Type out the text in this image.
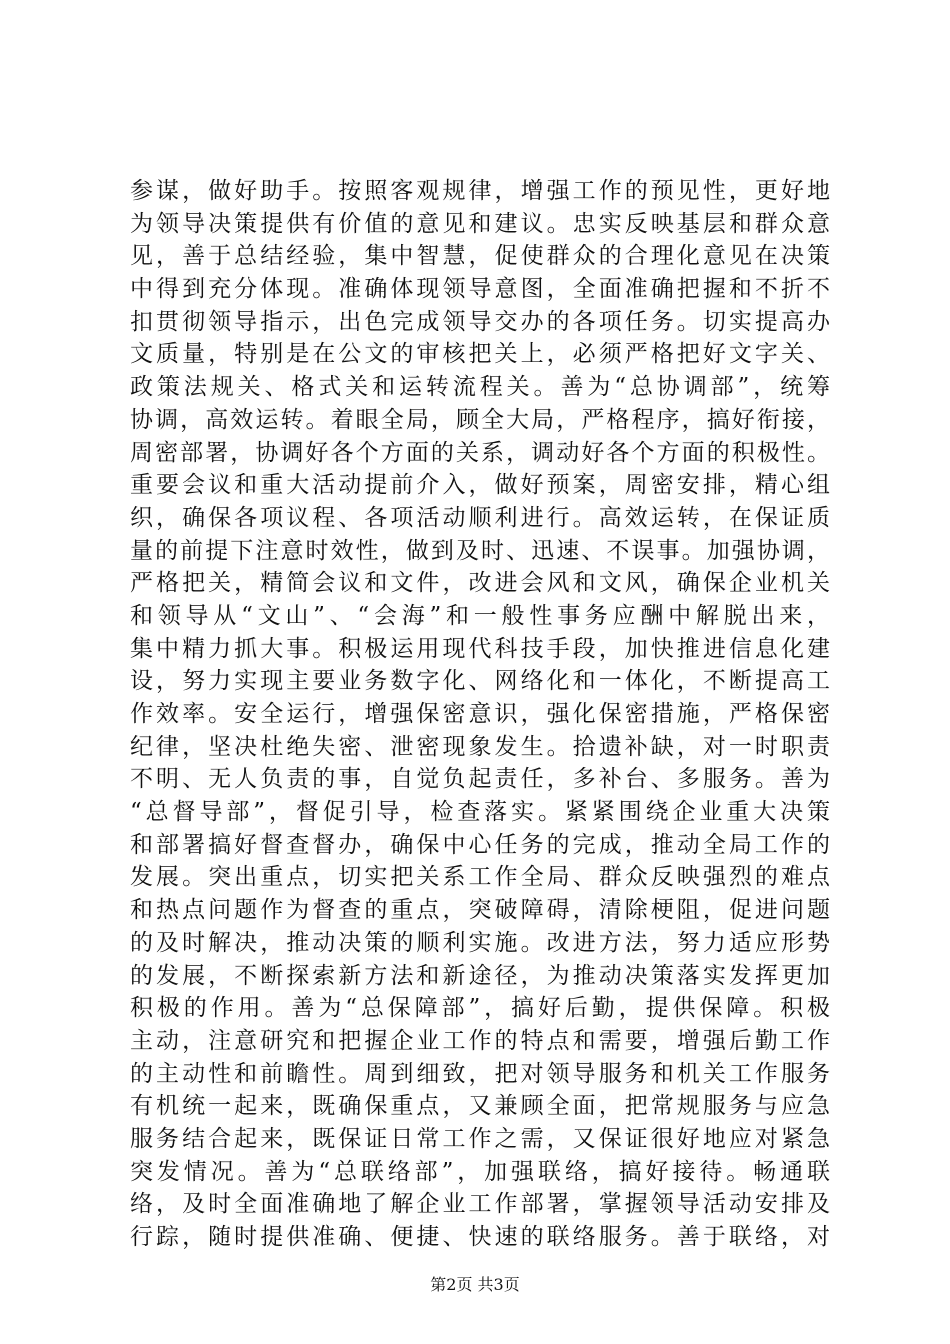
参谋，做好助手。按照客观规律，增强工作的预见性，更好地
为领导决策提供有价值的意见和建议。忠实反映基层和群众意
见，善于总结经验，集中智慧，促使群众的合理化意见在决策
中得到充分体现。准确体现领导意图，全面准确把握和不折不
扣贯彻领导指示，出色完成领导交办的各项任务。切实提高办
文质量，特别是在公文的审核把关上，必须严格把好文字关、
政策法规关、格式关和运转流程关。善为“总协调部”，统筹
协调，高效运转。着眼全局，顾全大局，严格程序，搞好衔接，
周密部署，协调好各个方面的关系，调动好各个方面的积极性。
重要会议和重大活动提前介入，做好预案，周密安排，精心组
织，确保各项议程、各项活动顺利进行。高效运转，在保证质
量的前提下注意时效性，做到及时、迅速、不误事。加强协调，
严格把关，精简会议和文件，改进会风和文风，确保企业机关
和领导从“文山”、“会海”和一般性事务应酬中解脱出来，
集中精力抓大事。积极运用现代科技手段，加快推进信息化建
设，努力实现主要业务数字化、网络化和一体化，不断提高工
作效率。安全运行，增强保密意识，强化保密措施，严格保密
纪律，坚决杜绝失密、泄密现象发生。拾遗补缺，对一时职责
不明、无人负责的事，自觉负起责任，多补台、多服务。善为
“总督导部”，督促引导，检查落实。紧紧围绕企业重大决策
和部署搞好督查督办，确保中心任务的完成，推动全局工作的
发展。突出重点，切实把关系工作全局、群众反映强烈的难点
和热点问题作为督查的重点，突破障碍，清除梗阻，促进问题
的及时解决，推动决策的顺利实施。改进方法，努力适应形势
的发展，不断探索新方法和新途径，为推动决策落实发挥更加
积极的作用。善为“总保障部”，搞好后勤，提供保障。积极
主动，注意研究和把握企业工作的特点和需要，增强后勤工作
的主动性和前瞻性。周到细致，把对领导服务和机关工作服务
有机统一起来，既确保重点，又兼顾全面，把常规服务与应急
服务结合起来，既保证日常工作之需，又保证很好地应对紧急
突发情况。善为“总联络部”，加强联络，搞好接待。畅通联
络，及时全面准确地了解企业工作部署，掌握领导活动安排及
行踪，随时提供准确、便捷、快速的联络服务。善于联络，对
第2页 共3页
